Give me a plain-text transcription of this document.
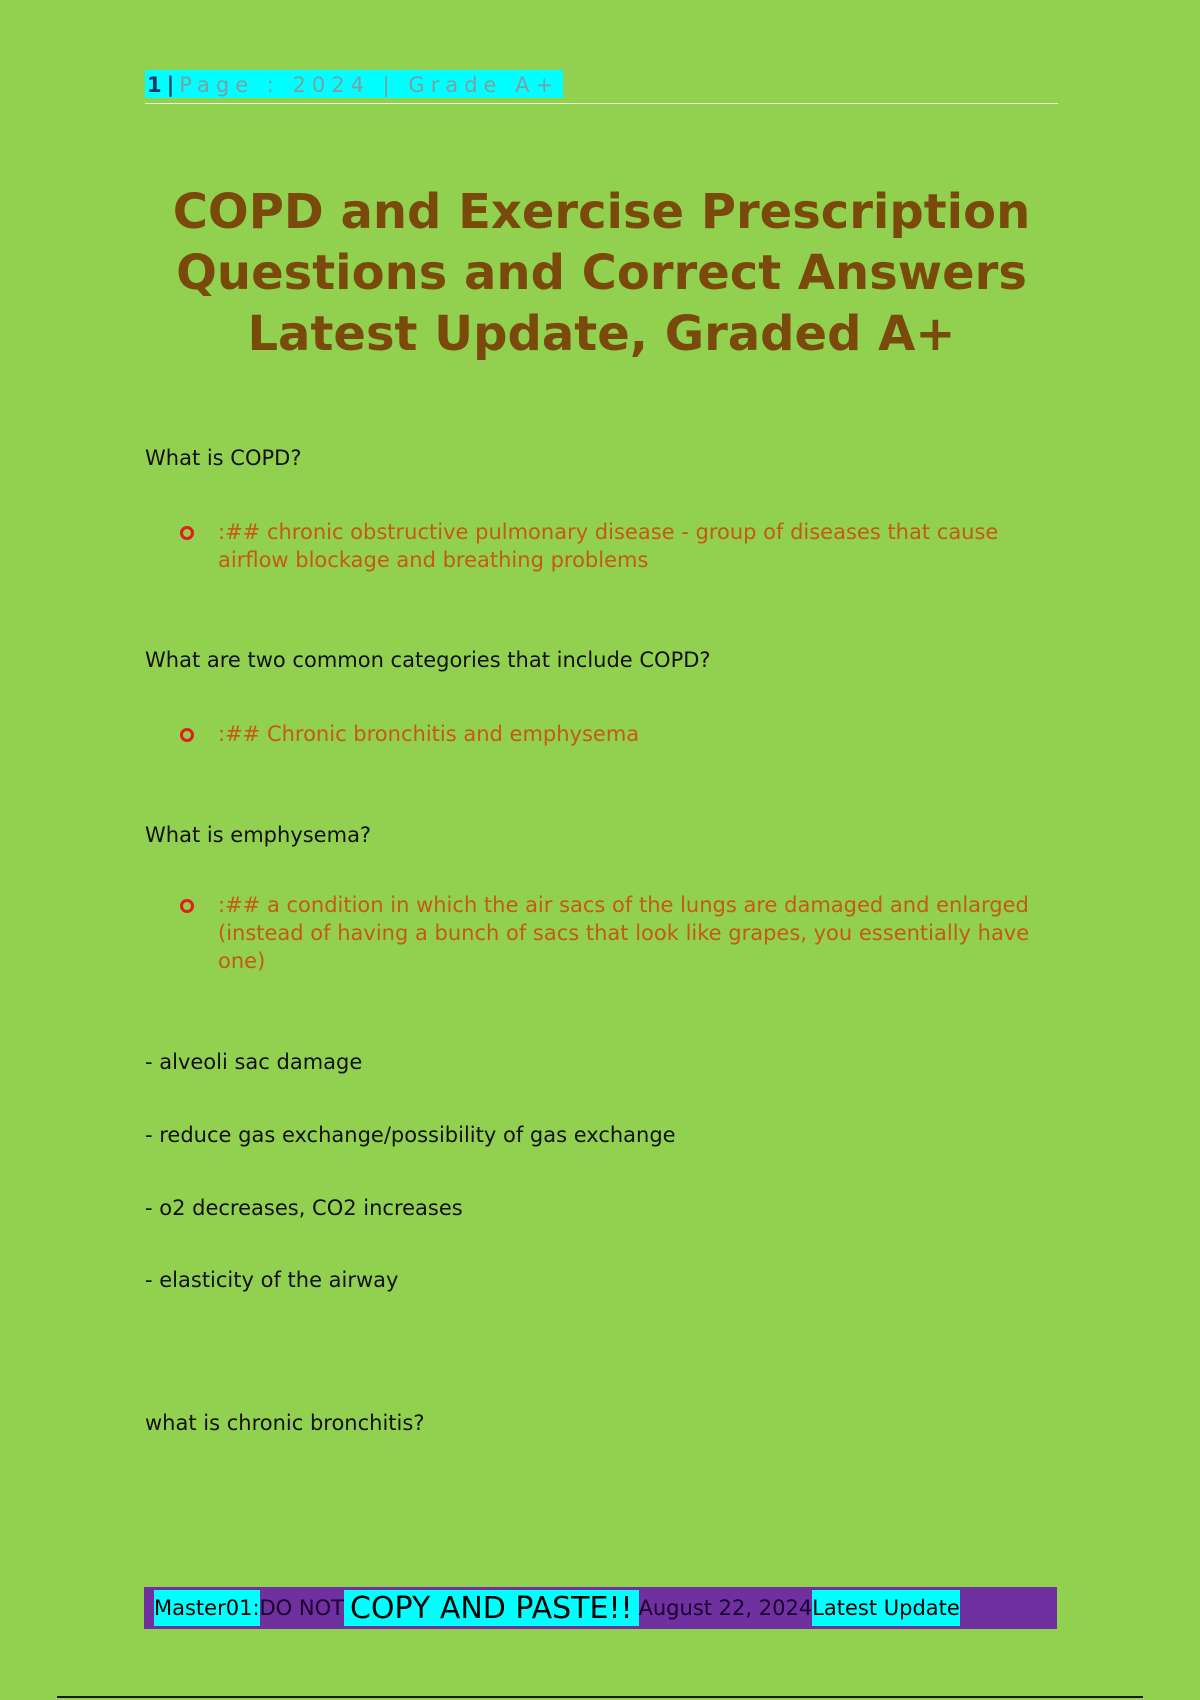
1 | Page : 2024 | Grade A+
COPD and Exercise Prescription
Questions and Correct Answers
Latest Update, Graded A+
What is COPD?
:## chronic obstructive pulmonary disease - group of diseases that cause airflow blockage and breathing problems
What are two common categories that include COPD?
:## Chronic bronchitis and emphysema
What is emphysema?
:## a condition in which the air sacs of the lungs are damaged and enlarged (instead of having a bunch of sacs that look like grapes, you essentially have one)
- alveoli sac damage
- reduce gas exchange/possibility of gas exchange
- o2 decreases, CO2 increases
- elasticity of the airway
what is chronic bronchitis?
Master01: DO NOT COPY AND PASTE!! August 22, 2024 Latest Update
